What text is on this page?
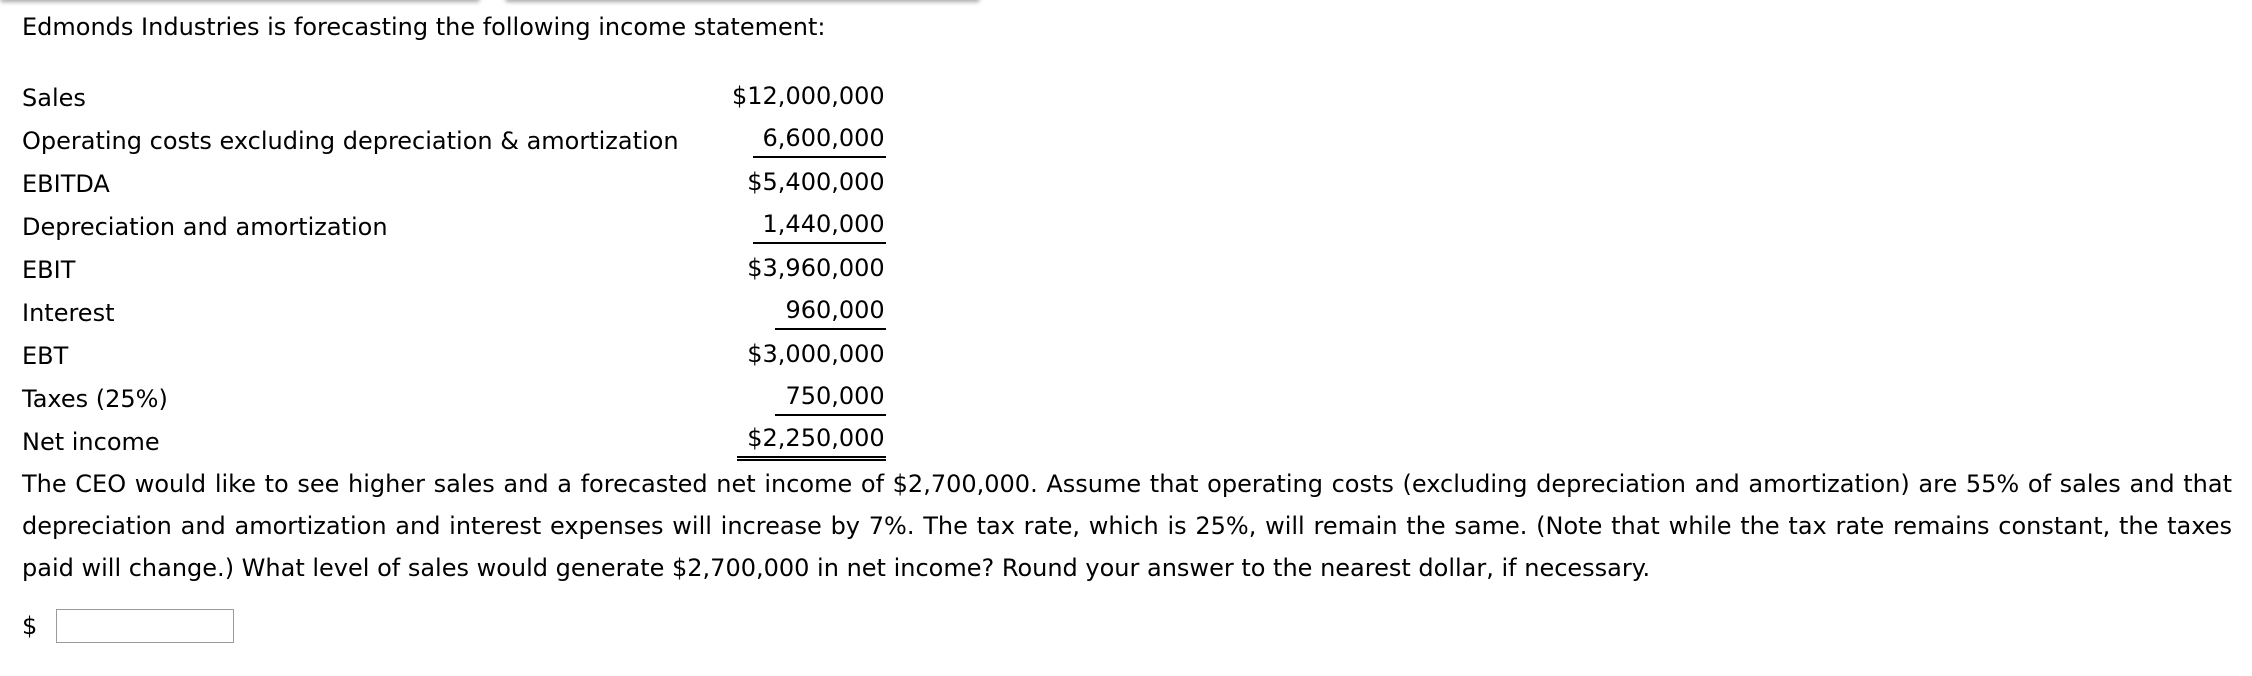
Edmonds Industries is forecasting the following income statement:
Sales	$12,000,000
Operating costs excluding depreciation & amortization	6,600,000
EBITDA	$5,400,000
Depreciation and amortization	1,440,000
EBIT	$3,960,000
Interest	960,000
EBT	$3,000,000
Taxes (25%)	750,000
Net income	$2,250,000
The CEO would like to see higher sales and a forecasted net income of $2,700,000. Assume that operating costs (excluding depreciation and amortization) are 55% of sales and that depreciation and amortization and interest expenses will increase by 7%. The tax rate, which is 25%, will remain the same. (Note that while the tax rate remains constant, the taxes paid will change.) What level of sales would generate $2,700,000 in net income? Round your answer to the nearest dollar, if necessary.
$
